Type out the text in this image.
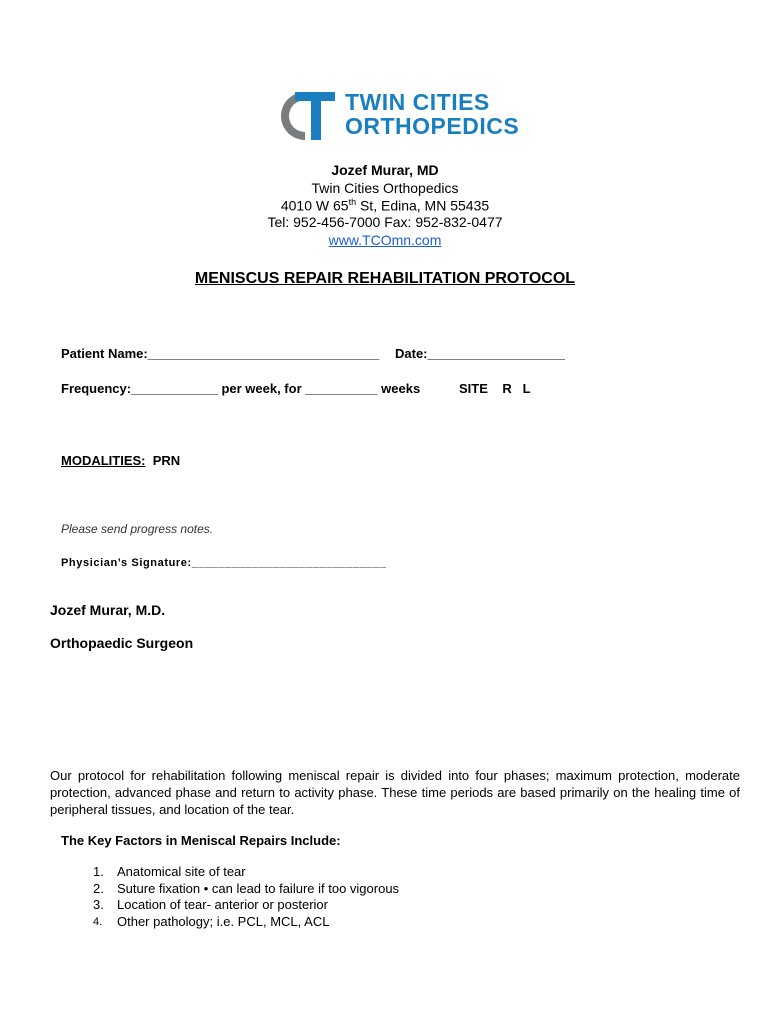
TWIN CITIES
ORTHOPEDICS
Jozef Murar, MD
Twin Cities Orthopedics
4010 W 65th St, Edina, MN 55435
Tel: 952-456-7000 Fax: 952-832-0477
www.TCOmn.com
MENISCUS REPAIR REHABILITATION PROTOCOL
Patient Name:________________________________ Date:___________________
Frequency:____________ per week, for __________ weeks	SITE    R   L
MODALITIES: PRN
Please send progress notes.
Physician’s Signature:_____________________________
Jozef Murar, M.D.
Orthopaedic Surgeon
Our protocol for rehabilitation following meniscal repair is divided into four phases; maximum protection, moderate protection, advanced phase and return to activity phase. These time periods are based primarily on the healing time of peripheral tissues, and location of the tear.
The Key Factors in Meniscal Repairs Include:
1.	Anatomical site of tear
2.	Suture fixation • can lead to failure if too vigorous
3.	Location of tear- anterior or posterior
4.	Other pathology; i.e. PCL, MCL, ACL
